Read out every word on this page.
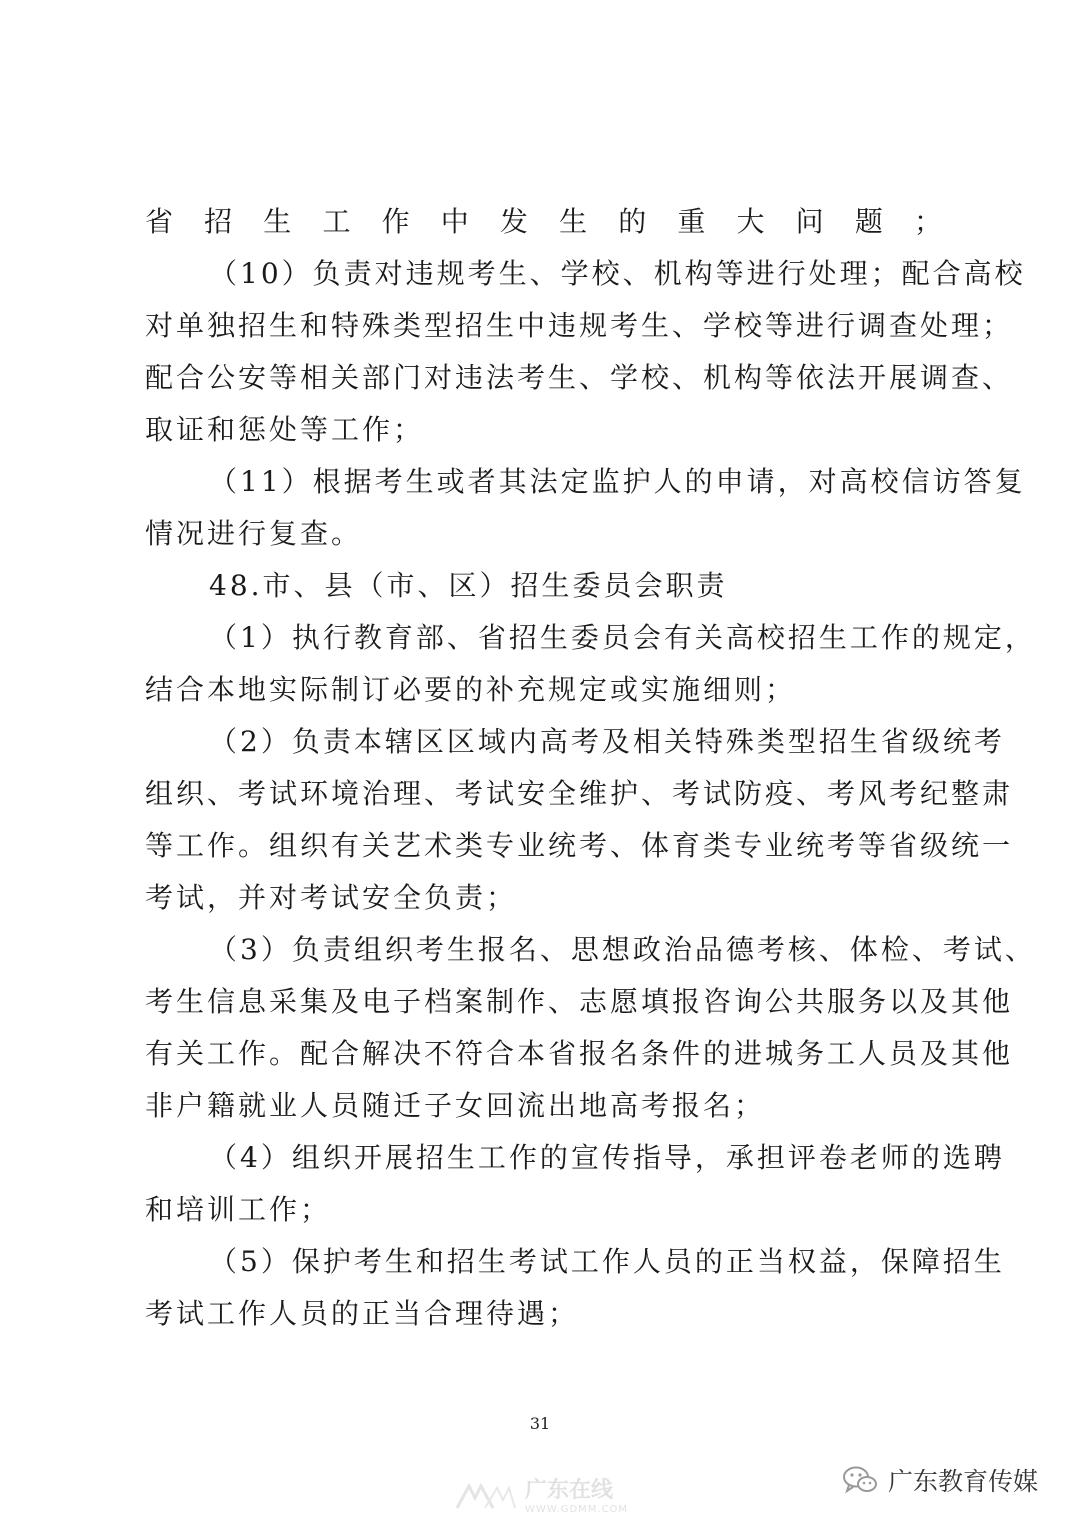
省招生工作中发生的重大问题；
（10）负责对违规考生、学校、机构等进行处理；配合高校
对单独招生和特殊类型招生中违规考生、学校等进行调查处理；
配合公安等相关部门对违法考生、学校、机构等依法开展调查、
取证和惩处等工作；
（11）根据考生或者其法定监护人的申请，对高校信访答复
情况进行复查。
48.市、县（市、区）招生委员会职责
（1）执行教育部、省招生委员会有关高校招生工作的规定，
结合本地实际制订必要的补充规定或实施细则；
（2）负责本辖区区域内高考及相关特殊类型招生省级统考
组织、考试环境治理、考试安全维护、考试防疫、考风考纪整肃
等工作。组织有关艺术类专业统考、体育类专业统考等省级统一
考试，并对考试安全负责；
（3）负责组织考生报名、思想政治品德考核、体检、考试、
考生信息采集及电子档案制作、志愿填报咨询公共服务以及其他
有关工作。配合解决不符合本省报名条件的进城务工人员及其他
非户籍就业人员随迁子女回流出地高考报名；
（4）组织开展招生工作的宣传指导，承担评卷老师的选聘
和培训工作；
（5）保护考生和招生考试工作人员的正当权益，保障招生
考试工作人员的正当合理待遇；
31
广东在线
WWW.GDMM.COM
广东教育传媒
